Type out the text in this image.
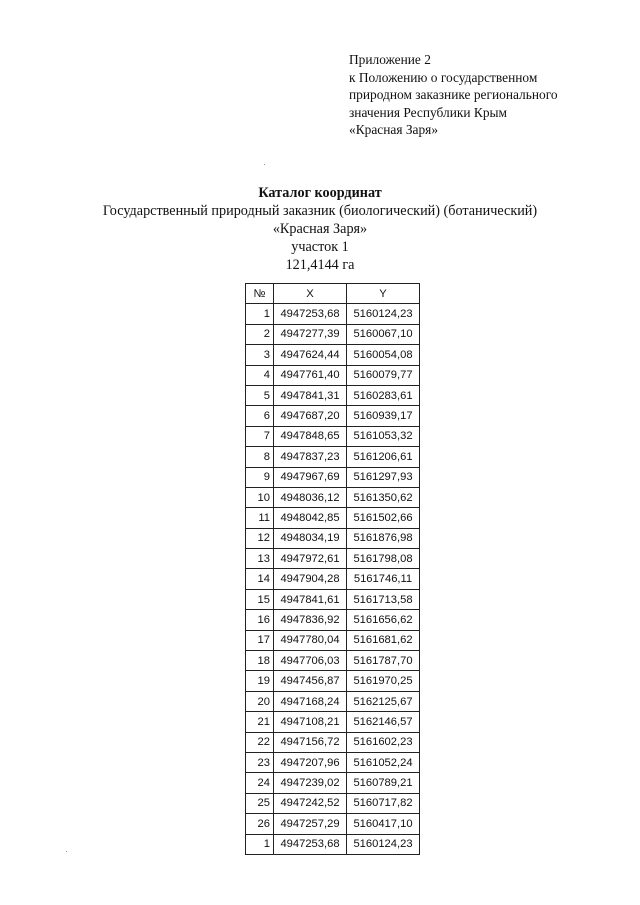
Приложение 2
к Положению о государственном
природном заказнике регионального
значения Республики Крым
«Красная Заря»
Каталог координат
Государственный природный заказник (биологический) (ботанический)
«Красная Заря»
участок 1
121,4144 га
№	X	Y
1	4947253,68	5160124,23
2	4947277,39	5160067,10
3	4947624,44	5160054,08
4	4947761,40	5160079,77
5	4947841,31	5160283,61
6	4947687,20	5160939,17
7	4947848,65	5161053,32
8	4947837,23	5161206,61
9	4947967,69	5161297,93
10	4948036,12	5161350,62
11	4948042,85	5161502,66
12	4948034,19	5161876,98
13	4947972,61	5161798,08
14	4947904,28	5161746,11
15	4947841,61	5161713,58
16	4947836,92	5161656,62
17	4947780,04	5161681,62
18	4947706,03	5161787,70
19	4947456,87	5161970,25
20	4947168,24	5162125,67
21	4947108,21	5162146,57
22	4947156,72	5161602,23
23	4947207,96	5161052,24
24	4947239,02	5160789,21
25	4947242,52	5160717,82
26	4947257,29	5160417,10
1	4947253,68	5160124,23
